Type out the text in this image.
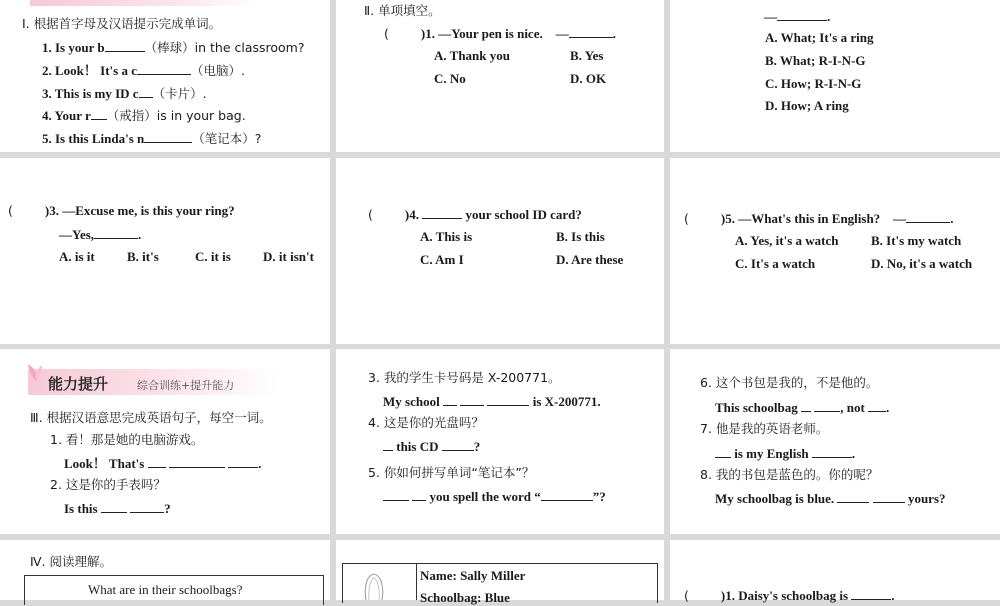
Ⅰ. 根据首字母及汉语提示完成单词。
1. Is your b	（棒球）in the classroom?
2. Look！ It's a c	（电脑）.
3. This is my ID c （卡片）.
4. Your r （戒指）is in your bag.
5. Is this Linda's n	（笔记本）?
Ⅱ. 单项填空。
( )1. —Your pen is nice.　—	.
A. Thank you	B. Yes
C. No	D. OK
—	.
A. What; It's a ring
B. What; R-I-N-G
C. How; R-I-N-G
D. How; A ring
( )3. —Excuse me, is this your ring?
—Yes,	.
A. is it B. it's	C. it is D. it isn't
( )4.	your school ID card?
A. This is	B. Is this
C. Am I	D. Are these
( )5. —What's this in English?　—	.
A. Yes, it's a watch B. It's my watch
C. It's a watch	D. No, it's a watch
能力提升	综合训练+提升能力
Ⅲ. 根据汉语意思完成英语句子，每空一词。
1. 看！那是她的电脑游戏。
Look！ That's	.
2. 这是你的手表吗？
Is this	?
3. 我的学生卡号码是 X-200771。
My school	is X-200771.
4. 这是你的光盘吗？
this CD	?
5. 你如何拼写单词“笔记本”？
you spell the word “	”?
6. 这个书包是我的，不是他的。
This schoolbag	, not .
7. 他是我的英语老师。
is my English	.
8. 我的书包是蓝色的。你的呢？
My schoolbag is blue.	yours?
Ⅳ. 阅读理解。
What are in their schoolbags?
Name: Sally Miller
Schoolbag: Blue	( )1. Daisy's schoolbag is	.
